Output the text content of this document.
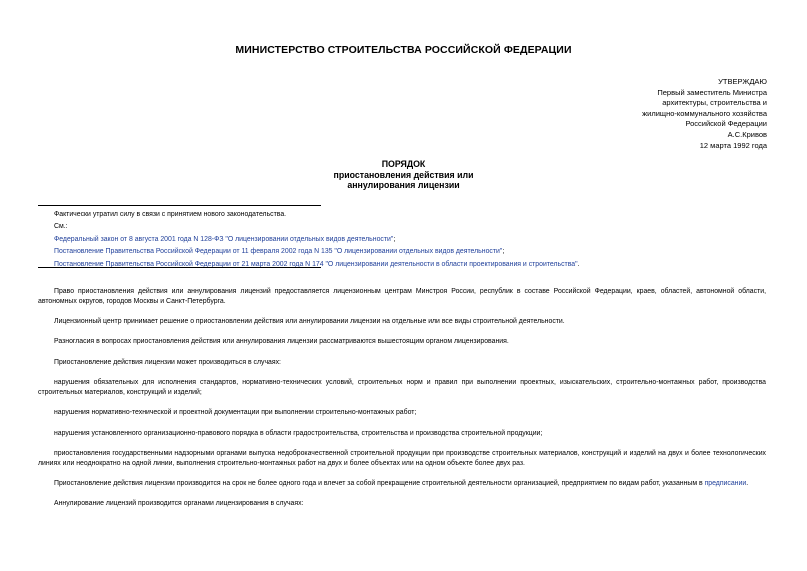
МИНИСТЕРСТВО СТРОИТЕЛЬСТВА РОССИЙСКОЙ ФЕДЕРАЦИИ
УТВЕРЖДАЮ
Первый заместитель Министра
архитектуры, строительства и
жилищно-коммунального хозяйства
Российской Федерации
А.С.Кривов
12 марта 1992 года
ПОРЯДОК
приостановления действия или
аннулирования лицензии
Фактически утратил силу в связи с принятием нового законодательства.
См.:
Федеральный закон от 8 августа 2001 года N 128-ФЗ "О лицензировании отдельных видов деятельности";
Постановление Правительства Российской Федерации от 11 февраля 2002 года N 135 "О лицензировании отдельных видов деятельности";
Постановление Правительства Российской Федерации от 21 марта 2002 года N 174 "О лицензировании деятельности в области проектирования и строительства".

Право приостановления действия или аннулирования лицензий предоставляется лицензионным центрам Минстроя России, республик в составе Российской Федерации, краев, областей, автономной области, автономных округов, городов Москвы и Санкт-Петербурга.

Лицензионный центр принимает решение о приостановлении действия или аннулировании лицензии на отдельные или все виды строительной деятельности.

Разногласия в вопросах приостановления действия или аннулирования лицензии рассматриваются вышестоящим органом лицензирования.

Приостановление действия лицензии может производиться в случаях:

нарушения обязательных для исполнения стандартов, нормативно-технических условий, строительных норм и правил при выполнении проектных, изыскательских, строительно-монтажных работ, производства строительных материалов, конструкций и изделий;

нарушения нормативно-технической и проектной документации при выполнении строительно-монтажных работ;

нарушения установленного организационно-правового порядка в области градостроительства, строительства и производства строительной продукции;

приостановления государственными надзорными органами выпуска недоброкачественной строительной продукции при производстве строительных материалов, конструкций и изделий на двух и более технологических линиях или неоднократно на одной линии, выполнения строительно-монтажных работ на двух и более объектах или на одном объекте более двух раз.

Приостановление действия лицензии производится на срок не более одного года и влечет за собой прекращение строительной деятельности организацией, предприятием по видам работ, указанным в предписании.

Аннулирование лицензий производится органами лицензирования в случаях:
